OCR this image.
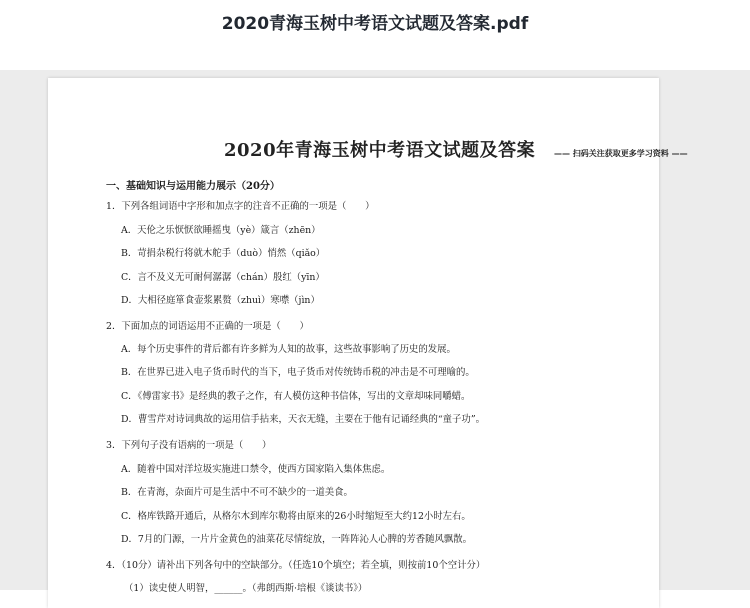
2020青海玉树中考语文试题及答案.pdf
2020年青海玉树中考语文试题及答案 —— 扫码关注获取更多学习资料 ——
一、基础知识与运用能力展示（20分）
1．下列各组词语中字形和加点字的注音不正确的一项是（　　）
A．天伦之乐恹恹欲睡摇曳（yè）箴言（zhēn）
B．苛捐杂税行将就木舵手（duò）悄然（qiǎo）
C．言不及义无可耐何潺潺（chán）殷红（yīn）
D．大相径庭箪食壶浆累赘（zhuì）寒噤（jìn）
2．下面加点的词语运用不正确的一项是（　　）
A．每个历史事件的背后都有许多鲜为人知的故事，这些故事影响了历史的发展。
B．在世界已进入电子货币时代的当下，电子货币对传统铸币税的冲击是不可理喻的。
C．《傅雷家书》是经典的教子之作，有人模仿这种书信体，写出的文章却味同嚼蜡。
D．曹雪芹对诗词典故的运用信手拈来，天衣无缝，主要在于他有记诵经典的“童子功”。
3．下列句子没有语病的一项是（　　）
A．随着中国对洋垃圾实施进口禁令，使西方国家陷入集体焦虑。
B．在青海，杂面片可是生活中不可不缺少的一道美食。
C．格库铁路开通后，从格尔木到库尔勒将由原来的26小时缩短至大约12小时左右。
D．7月的门源，一片片金黄色的油菜花尽情绽放，一阵阵沁人心脾的芳香随风飘散。
4．（10分）请补出下列各句中的空缺部分。（任选10个填空；若全填，则按前10个空计分）
（1）读史使人明智，______。（弗朗西斯·培根《谈读书》）
